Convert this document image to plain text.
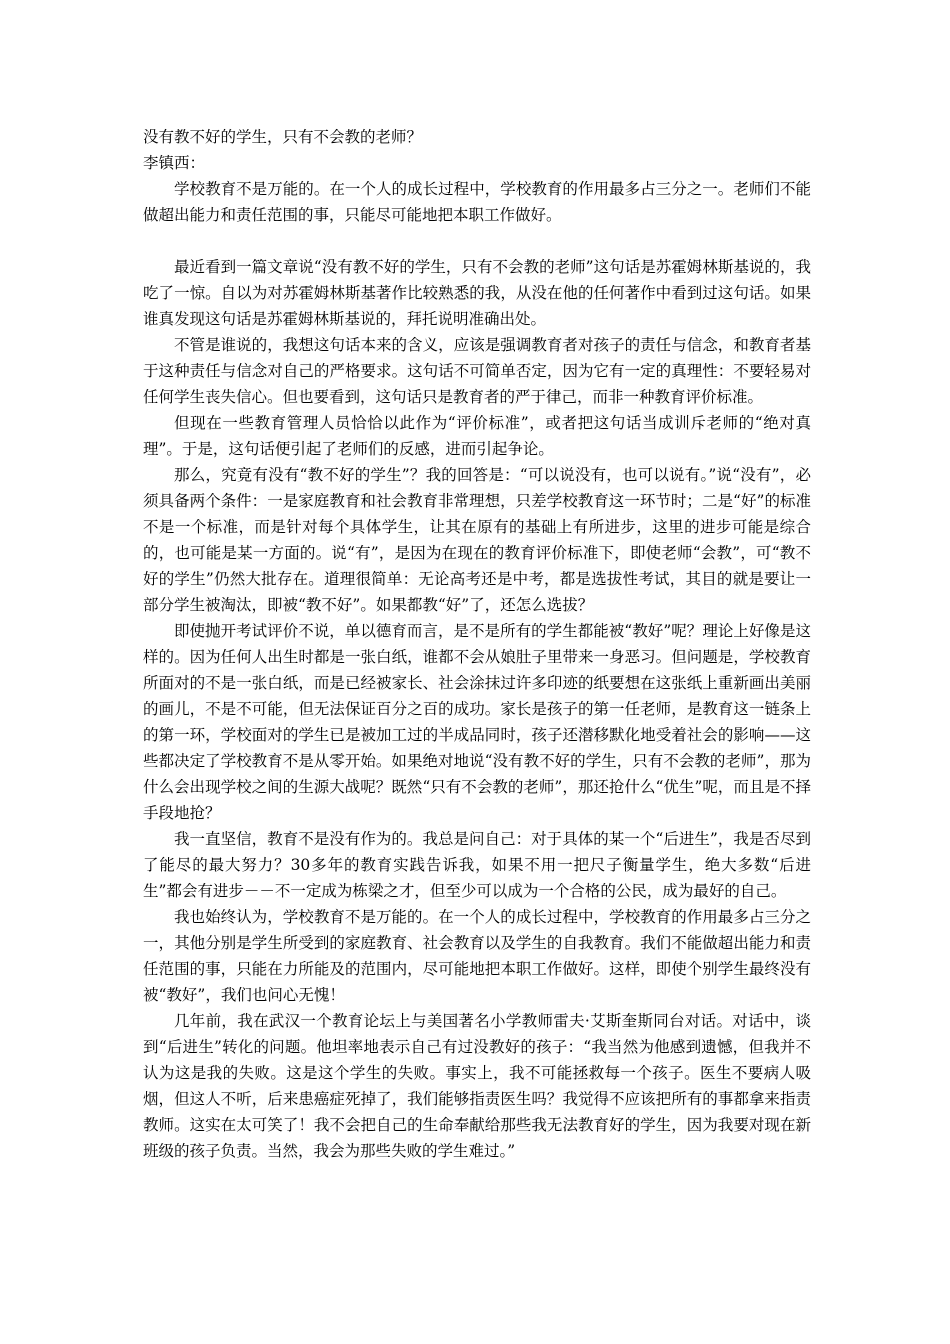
没有教不好的学生，只有不会教的老师？

李镇西：

学校教育不是万能的。在一个人的成长过程中，学校教育的作用最多占三分之一。老师们不能做超出能力和责任范围的事，只能尽可能地把本职工作做好。

最近看到一篇文章说“没有教不好的学生，只有不会教的老师”这句话是苏霍姆林斯基说的，我吃了一惊。自以为对苏霍姆林斯基著作比较熟悉的我，从没在他的任何著作中看到过这句话。如果谁真发现这句话是苏霍姆林斯基说的，拜托说明准确出处。

不管是谁说的，我想这句话本来的含义，应该是强调教育者对孩子的责任与信念，和教育者基于这种责任与信念对自己的严格要求。这句话不可简单否定，因为它有一定的真理性：不要轻易对任何学生丧失信心。但也要看到，这句话只是教育者的严于律己，而非一种教育评价标准。

但现在一些教育管理人员恰恰以此作为“评价标准”，或者把这句话当成训斥老师的“绝对真理”。于是，这句话便引起了老师们的反感，进而引起争论。

那么，究竟有没有“教不好的学生”？我的回答是：“可以说没有，也可以说有。”说“没有”，必须具备两个条件：一是家庭教育和社会教育非常理想，只差学校教育这一环节时；二是“好”的标准不是一个标准，而是针对每个具体学生，让其在原有的基础上有所进步，这里的进步可能是综合的，也可能是某一方面的。说“有”，是因为在现在的教育评价标准下，即使老师“会教”，可“教不好的学生”仍然大批存在。道理很简单：无论高考还是中考，都是选拔性考试，其目的就是要让一部分学生被淘汰，即被“教不好”。如果都教“好”了，还怎么选拔？

即使抛开考试评价不说，单以德育而言，是不是所有的学生都能被“教好”呢？理论上好像是这样的。因为任何人出生时都是一张白纸，谁都不会从娘肚子里带来一身恶习。但问题是，学校教育所面对的不是一张白纸，而是已经被家长、社会涂抹过许多印迹的纸要想在这张纸上重新画出美丽的画儿，不是不可能，但无法保证百分之百的成功。家长是孩子的第一任老师，是教育这一链条上的第一环，学校面对的学生已是被加工过的半成品同时，孩子还潜移默化地受着社会的影响——这些都决定了学校教育不是从零开始。如果绝对地说“没有教不好的学生，只有不会教的老师”，那为什么会出现学校之间的生源大战呢？既然“只有不会教的老师”，那还抢什么“优生”呢，而且是不择手段地抢？

我一直坚信，教育不是没有作为的。我总是问自己：对于具体的某一个“后进生”，我是否尽到了能尽的最大努力？30多年的教育实践告诉我，如果不用一把尺子衡量学生，绝大多数“后进生”都会有进步－－不一定成为栋梁之才，但至少可以成为一个合格的公民，成为最好的自己。

我也始终认为，学校教育不是万能的。在一个人的成长过程中，学校教育的作用最多占三分之一，其他分别是学生所受到的家庭教育、社会教育以及学生的自我教育。我们不能做超出能力和责任范围的事，只能在力所能及的范围内，尽可能地把本职工作做好。这样，即使个别学生最终没有被“教好”，我们也问心无愧！

几年前，我在武汉一个教育论坛上与美国著名小学教师雷夫·艾斯奎斯同台对话。对话中，谈到“后进生”转化的问题。他坦率地表示自己有过没教好的孩子：“我当然为他感到遗憾，但我并不认为这是我的失败。这是这个学生的失败。事实上，我不可能拯救每一个孩子。医生不要病人吸烟，但这人不听，后来患癌症死掉了，我们能够指责医生吗？我觉得不应该把所有的事都拿来指责教师。这实在太可笑了！我不会把自己的生命奉献给那些我无法教育好的学生，因为我要对现在新班级的孩子负责。当然，我会为那些失败的学生难过。”
